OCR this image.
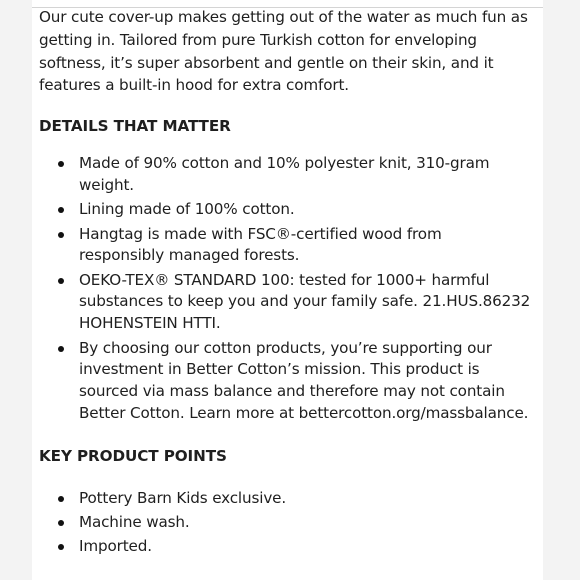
Our cute cover-up makes getting out of the water as much fun as getting in. Tailored from pure Turkish cotton for enveloping softness, it’s super absorbent and gentle on their skin, and it features a built-in hood for extra comfort.

DETAILS THAT MATTER
Made of 90% cotton and 10% polyester knit, 310-gram weight.
Lining made of 100% cotton.
Hangtag is made with FSC®-certified wood from responsibly managed forests.
OEKO-TEX® STANDARD 100: tested for 1000+ harmful substances to keep you and your family safe. 21.HUS.86232 HOHENSTEIN HTTI.
By choosing our cotton products, you’re supporting our investment in Better Cotton’s mission. This product is sourced via mass balance and therefore may not contain Better Cotton. Learn more at bettercotton.org/massbalance.
KEY PRODUCT POINTS
Pottery Barn Kids exclusive.
Machine wash.
Imported.
